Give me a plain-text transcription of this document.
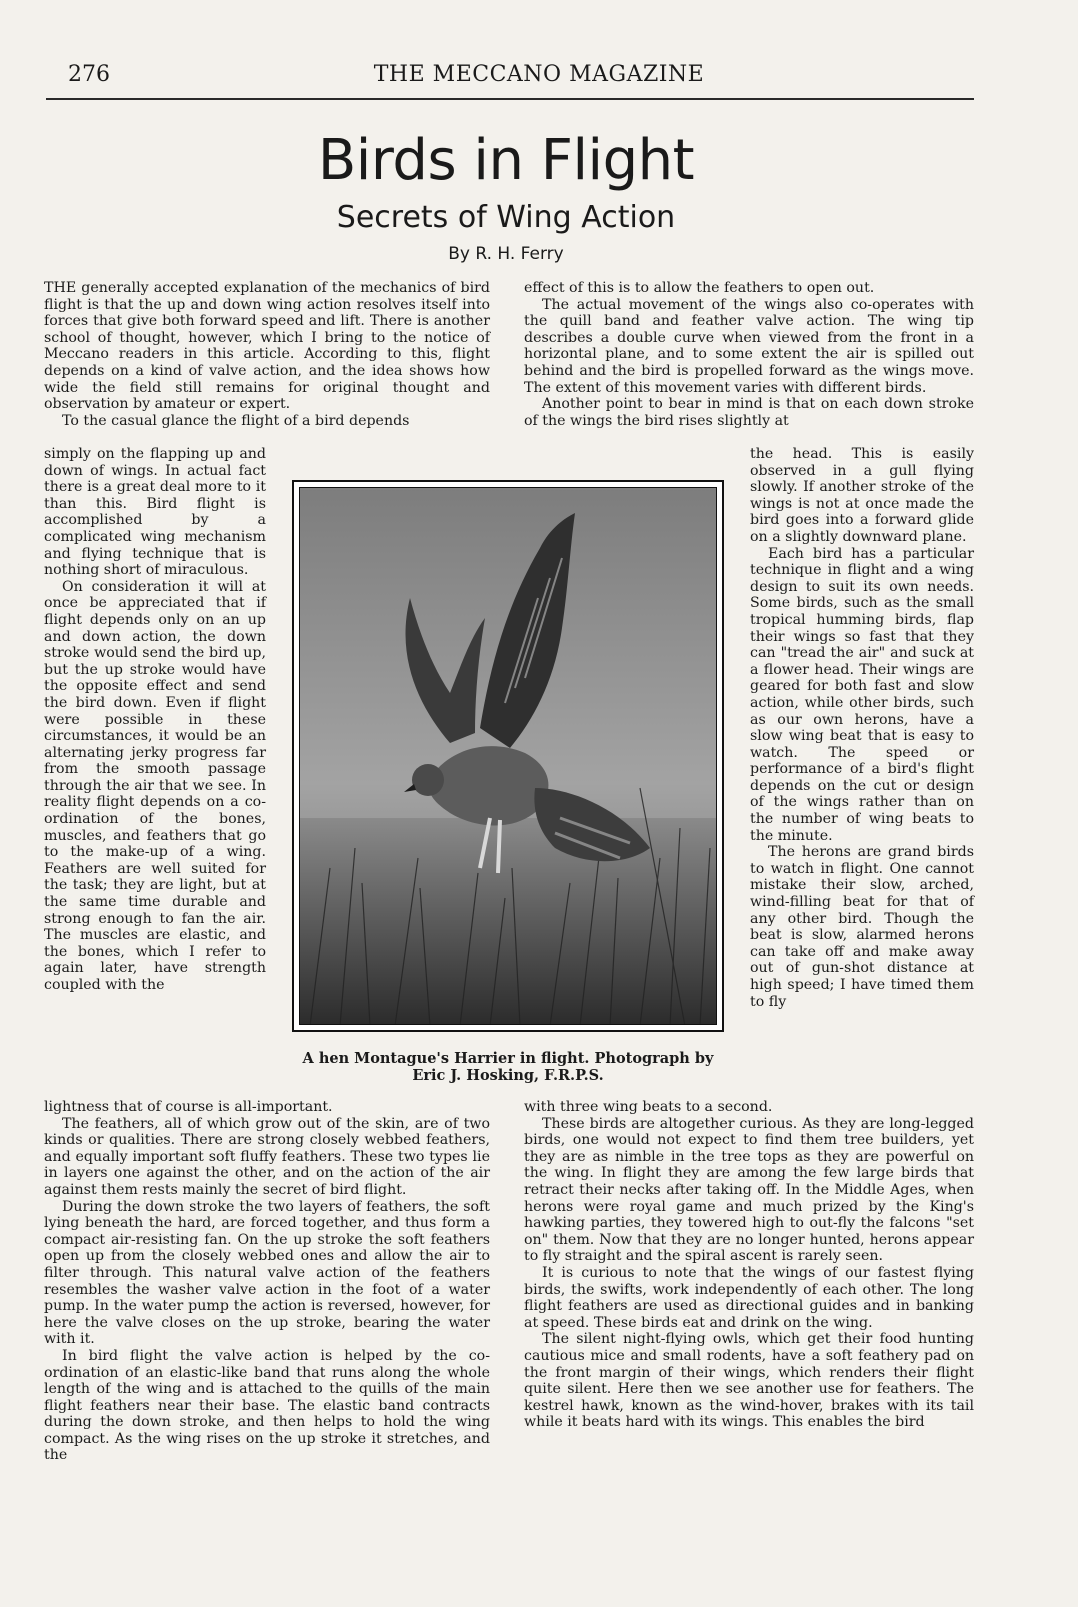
276	THE MECCANO MAGAZINE
Birds in Flight
Secrets of Wing Action
By R. H. Ferry

THE generally accepted explanation of the mechanics of bird flight is that the up and down wing action resolves itself into forces that give both forward speed and lift. There is another school of thought, however, which I bring to the notice of Meccano readers in this article. According to this, flight depends on a kind of valve action, and the idea shows how wide the field still remains for original thought and observation by amateur or expert.

To the casual glance the flight of a bird depends

simply on the flapping up and down of wings. In actual fact there is a great deal more to it than this. Bird flight is accomplished by a complicated wing mechanism and flying technique that is nothing short of miraculous.

On consideration it will at once be appreciated that if flight depends only on an up and down action, the down stroke would send the bird up, but the up stroke would have the opposite effect and send the bird down. Even if flight were possible in these circumstances, it would be an alternating jerky progress far from the smooth passage through the air that we see. In reality flight depends on a co-ordination of the bones, muscles, and feathers that go to the make-up of a wing. Feathers are well suited for the task; they are light, but at the same time durable and strong enough to fan the air. The muscles are elastic, and the bones, which I refer to again later, have strength coupled with the

lightness that of course is all-important.

The feathers, all of which grow out of the skin, are of two kinds or qualities. There are strong closely webbed feathers, and equally important soft fluffy feathers. These two types lie in layers one against the other, and on the action of the air against them rests mainly the secret of bird flight.

During the down stroke the two layers of feathers, the soft lying beneath the hard, are forced together, and thus form a compact air-resisting fan. On the up stroke the soft feathers open up from the closely webbed ones and allow the air to filter through. This natural valve action of the feathers resembles the washer valve action in the foot of a water pump. In the water pump the action is reversed, however, for here the valve closes on the up stroke, bearing the water with it.

In bird flight the valve action is helped by the co-ordination of an elastic-like band that runs along the whole length of the wing and is attached to the quills of the main flight feathers near their base. The elastic band contracts during the down stroke, and then helps to hold the wing compact. As the wing rises on the up stroke it stretches, and the

effect of this is to allow the feathers to open out.

The actual movement of the wings also co-operates with the quill band and feather valve action. The wing tip describes a double curve when viewed from the front in a horizontal plane, and to some extent the air is spilled out behind and the bird is propelled forward as the wings move. The extent of this movement varies with different birds.

Another point to bear in mind is that on each down stroke of the wings the bird rises slightly at

the head. This is easily observed in a gull flying slowly. If another stroke of the wings is not at once made the bird goes into a forward glide on a slightly downward plane.

Each bird has a particular technique in flight and a wing design to suit its own needs. Some birds, such as the small tropical humming birds, flap their wings so fast that they can "tread the air" and suck at a flower head. Their wings are geared for both fast and slow action, while other birds, such as our own herons, have a slow wing beat that is easy to watch. The speed or performance of a bird's flight depends on the cut or design of the wings rather than on the number of wing beats to the minute.

The herons are grand birds to watch in flight. One cannot mistake their slow, arched, wind-filling beat for that of any other bird. Though the beat is slow, alarmed herons can take off and make away out of gun-shot distance at high speed; I have timed them to fly

with three wing beats to a second.

These birds are altogether curious. As they are long-legged birds, one would not expect to find them tree builders, yet they are as nimble in the tree tops as they are powerful on the wing. In flight they are among the few large birds that retract their necks after taking off. In the Middle Ages, when herons were royal game and much prized by the King's hawking parties, they towered high to out-fly the falcons "set on" them. Now that they are no longer hunted, herons appear to fly straight and the spiral ascent is rarely seen.

It is curious to note that the wings of our fastest flying birds, the swifts, work independently of each other. The long flight feathers are used as directional guides and in banking at speed. These birds eat and drink on the wing.

The silent night-flying owls, which get their food hunting cautious mice and small rodents, have a soft feathery pad on the front margin of their wings, which renders their flight quite silent. Here then we see another use for feathers. The kestrel hawk, known as the wind-hover, brakes with its tail while it beats hard with its wings. This enables the bird

A hen Montague's Harrier in flight. Photograph by Eric J. Hosking, F.R.P.S.
